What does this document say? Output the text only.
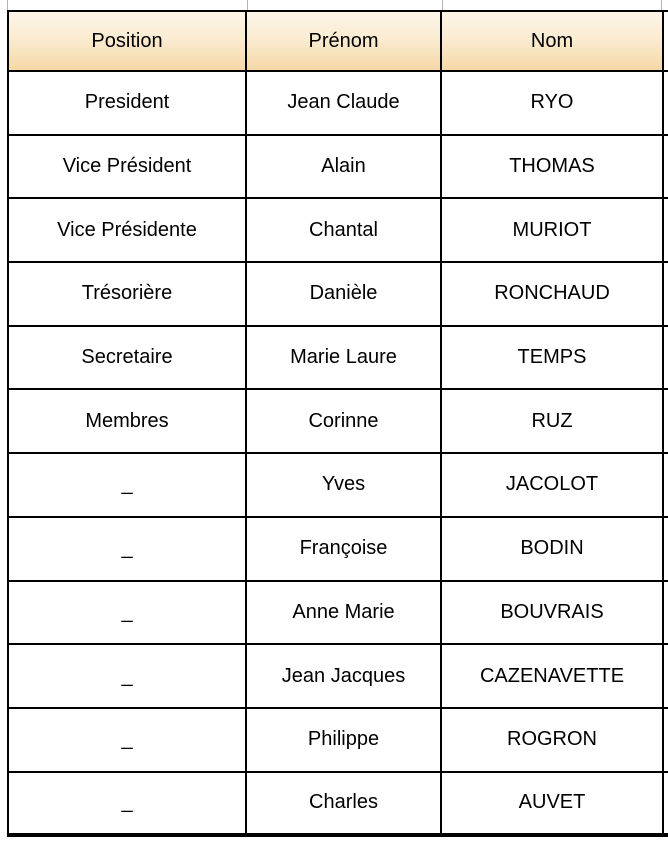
Position	Prénom	Nom	
President	Jean Claude	RYO	
Vice Président	Alain	THOMAS	
Vice Présidente	Chantal	MURIOT	
Trésorière	Danièle	RONCHAUD	
Secretaire	Marie Laure	TEMPS	
Membres	Corinne	RUZ	
_	Yves	JACOLOT	
_	Françoise	BODIN	
_	Anne Marie	BOUVRAIS	
_	Jean Jacques	CAZENAVETTE	
_	Philippe	ROGRON	
_	Charles	AUVET	
